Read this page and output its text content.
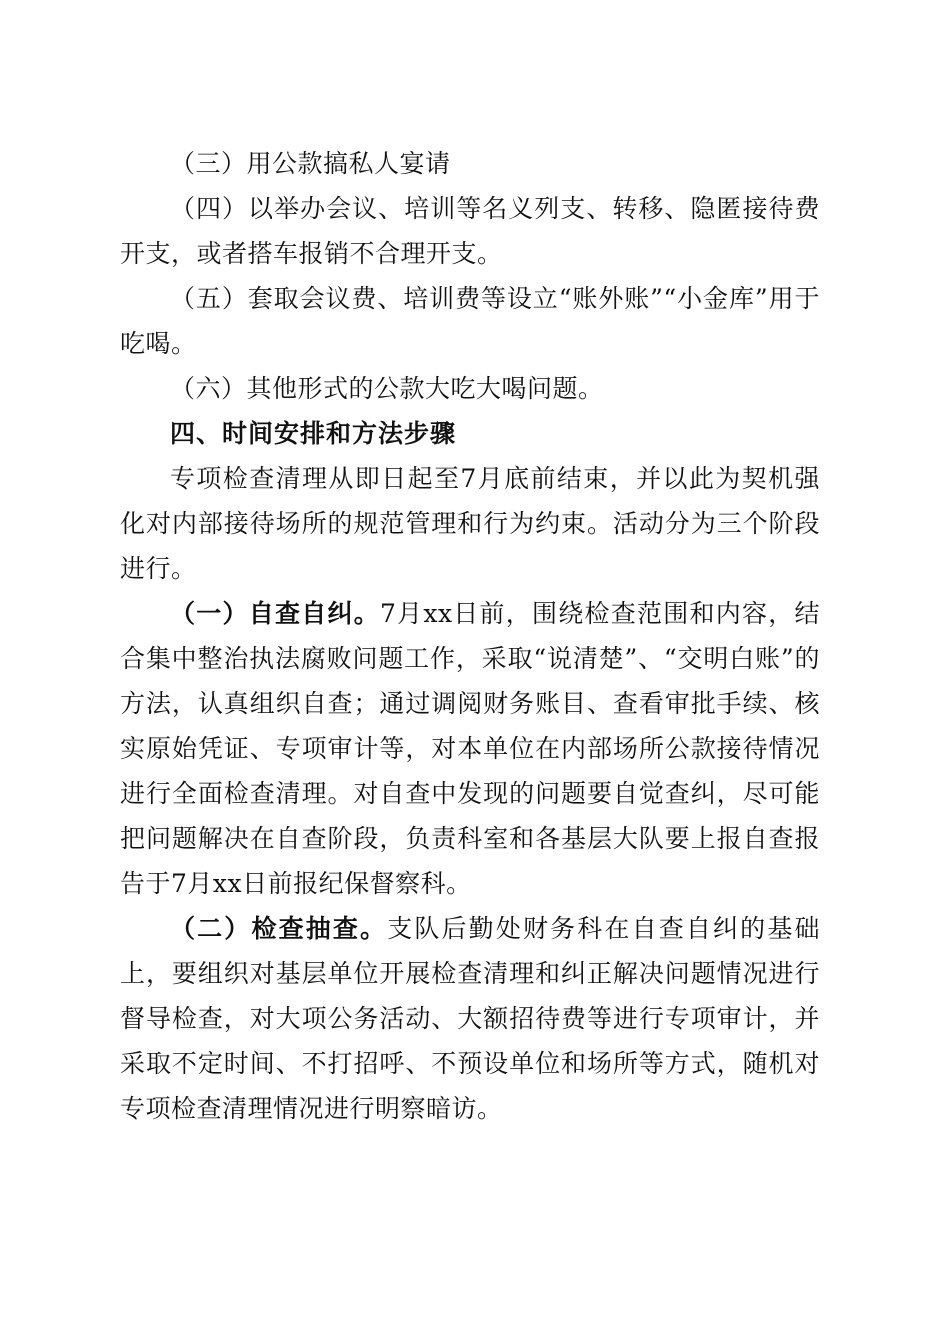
（三）用公款搞私人宴请

（四）以举办会议、培训等名义列支、转移、隐匿接待费开支，或者搭车报销不合理开支。

（五）套取会议费、培训费等设立“账外账”“小金库”用于吃喝。

（六）其他形式的公款大吃大喝问题。

四、时间安排和方法步骤

专项检查清理从即日起至7月底前结束，并以此为契机强化对内部接待场所的规范管理和行为约束。活动分为三个阶段进行。

（一）自查自纠。7月xx日前，围绕检查范围和内容，结合集中整治执法腐败问题工作，采取“说清楚”、“交明白账”的方法，认真组织自查；通过调阅财务账目、查看审批手续、核实原始凭证、专项审计等，对本单位在内部场所公款接待情况进行全面检查清理。对自查中发现的问题要自觉查纠，尽可能把问题解决在自查阶段，负责科室和各基层大队要上报自查报告于7月xx日前报纪保督察科。

（二）检查抽查。支队后勤处财务科在自查自纠的基础上，要组织对基层单位开展检查清理和纠正解决问题情况进行督导检查，对大项公务活动、大额招待费等进行专项审计，并采取不定时间、不打招呼、不预设单位和场所等方式，随机对专项检查清理情况进行明察暗访。
